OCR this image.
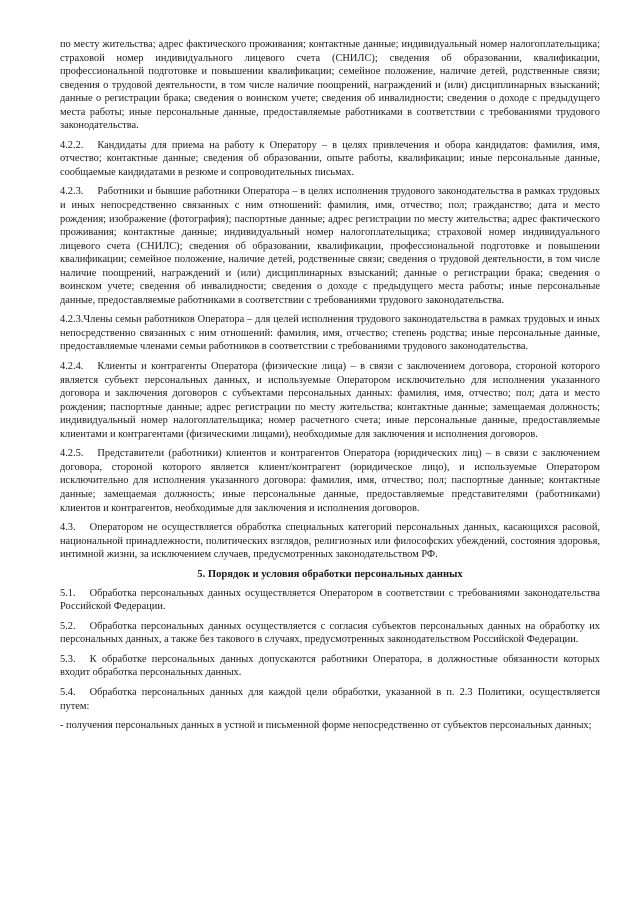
по месту жительства; адрес фактического проживания; контактные данные; индивидуальный номер налогоплательщика; страховой номер индивидуального лицевого счета (СНИЛС); сведения об образовании, квалификации, профессиональной подготовке и повышении квалификации; семейное положение, наличие детей, родственные связи; сведения о трудовой деятельности, в том числе наличие поощрений, награждений и (или) дисциплинарных взысканий; данные о регистрации брака; сведения о воинском учете; сведения об инвалидности; сведения о доходе с предыдущего места работы; иные персональные данные, предоставляемые работниками в соответствии с требованиями трудового законодательства.

4.2.2. Кандидаты для приема на работу к Оператору – в целях привлечения и обора кандидатов: фамилия, имя, отчество; контактные данные; сведения об образовании, опыте работы, квалификации; иные персональные данные, сообщаемые кандидатами в резюме и сопроводительных письмах.

4.2.3. Работники и бывшие работники Оператора – в целях исполнения трудового законодательства в рамках трудовых и иных непосредственно связанных с ним отношений: фамилия, имя, отчество; пол; гражданство; дата и место рождения; изображение (фотография); паспортные данные; адрес регистрации по месту жительства; адрес фактического проживания; контактные данные; индивидуальный номер налогоплательщика; страховой номер индивидуального лицевого счета (СНИЛС); сведения об образовании, квалификации, профессиональной подготовке и повышении квалификации; семейное положение, наличие детей, родственные связи; сведения о трудовой деятельности, в том числе наличие поощрений, награждений и (или) дисциплинарных взысканий; данные о регистрации брака; сведения о воинском учете; сведения об инвалидности; сведения о доходе с предыдущего места работы; иные персональные данные, предоставляемые работниками в соответствии с требованиями трудового законодательства.

4.2.3.Члены семьи работников Оператора – для целей исполнения трудового законодательства в рамках трудовых и иных непосредственно связанных с ним отношений: фамилия, имя, отчество; степень родства; иные персональные данные, предоставляемые членами семьи работников в соответствии с требованиями трудового законодательства.

4.2.4. Клиенты и контрагенты Оператора (физические лица) – в связи с заключением договора, стороной которого является субъект персональных данных, и используемые Оператором исключительно для исполнения указанного договора и заключения договоров с субъектами персональных данных: фамилия, имя, отчество; пол; дата и место рождения; паспортные данные; адрес регистрации по месту жительства; контактные данные; замещаемая должность; индивидуальный номер налогоплательщика; номер расчетного счета; иные персональные данные, предоставляемые клиентами и контрагентами (физическими лицами), необходимые для заключения и исполнения договоров.

4.2.5. Представители (работники) клиентов и контрагентов Оператора (юридических лиц) – в связи с заключением договора, стороной которого является клиент/контрагент (юридическое лицо), и используемые Оператором исключительно для исполнения указанного договора: фамилия, имя, отчество; пол; паспортные данные; контактные данные; замещаемая должность; иные персональные данные, предоставляемые представителями (работниками) клиентов и контрагентов, необходимые для заключения и исполнения договоров.

4.3. Оператором не осуществляется обработка специальных категорий персональных данных, касающихся расовой, национальной принадлежности, политических взглядов, религиозных или философских убеждений, состояния здоровья, интимной жизни, за исключением случаев, предусмотренных законодательством РФ.

5. Порядок и условия обработки персональных данных

5.1. Обработка персональных данных осуществляется Оператором в соответствии с требованиями законодательства Российской Федерации.

5.2. Обработка персональных данных осуществляется с согласия субъектов персональных данных на обработку их персональных данных, а также без такового в случаях, предусмотренных законодательством Российской Федерации.

5.3. К обработке персональных данных допускаются работники Оператора, в должностные обязанности которых входит обработка персональных данных.

5.4. Обработка персональных данных для каждой цели обработки, указанной в п. 2.3 Политики, осуществляется путем:

- получения персональных данных в устной и письменной форме непосредственно от субъектов персональных данных;
